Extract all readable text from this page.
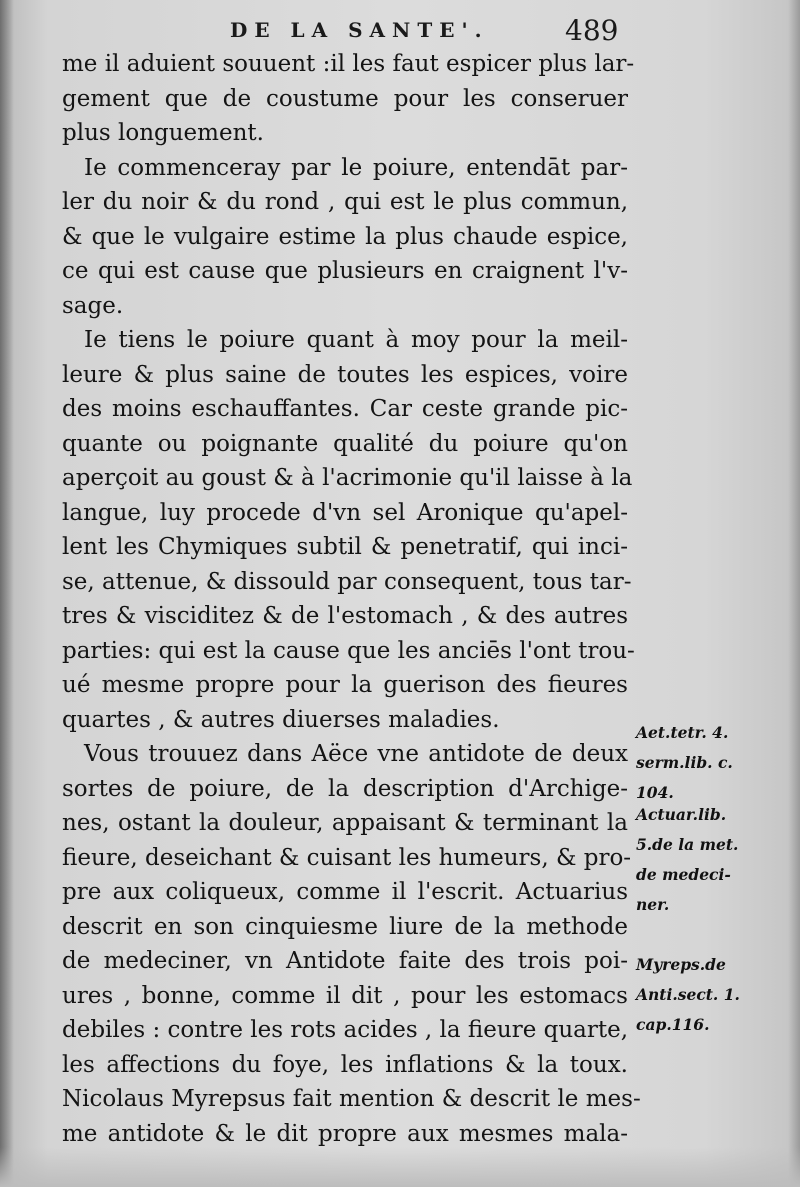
DE LA SANTE'.	489
me il aduient souuent :il les faut espicer plus lar-
gement que de coustume pour les conseruer
plus longuement.
Ie commenceray par le poiure, entendāt par-
ler du noir & du rond , qui est le plus commun,
& que le vulgaire estime la plus chaude espice,
ce qui est cause que plusieurs en craignent l'v-
sage.
Ie tiens le poiure quant à moy pour la meil-
leure & plus saine de toutes les espices, voire
des moins eschauffantes. Car ceste grande pic-
quante ou poignante qualité du poiure qu'on
aperçoit au goust & à l'acrimonie qu'il laisse à la
langue, luy procede d'vn sel Aronique qu'apel-
lent les Chymiques subtil & penetratif, qui inci-
se, attenue, & dissould par consequent, tous tar-
tres & visciditez & de l'estomach , & des autres
parties: qui est la cause que les anciēs l'ont trou-
ué mesme propre pour la guerison des fieures
quartes , & autres diuerses maladies.
Vous trouuez dans Aëce vne antidote de deux
sortes de poiure, de la description d'Archige-
nes, ostant la douleur, appaisant & terminant la
fieure, deseichant & cuisant les humeurs, & pro-
pre aux coliqueux, comme il l'escrit. Actuarius
descrit en son cinquiesme liure de la methode
de medeciner, vn Antidote faite des trois poi-
ures , bonne, comme il dit , pour les estomacs
debiles : contre les rots acides , la fieure quarte,
les affections du foye, les inflations & la toux.
Nicolaus Myrepsus fait mention & descrit le mes-
me antidote & le dit propre aux mesmes mala-
Aet.tetr. 4.
serm.lib. c.
104.
Actuar.lib.
5.de la met.
de medeci-
ner.
Myreps.de
Anti.sect. 1.
cap.116.
